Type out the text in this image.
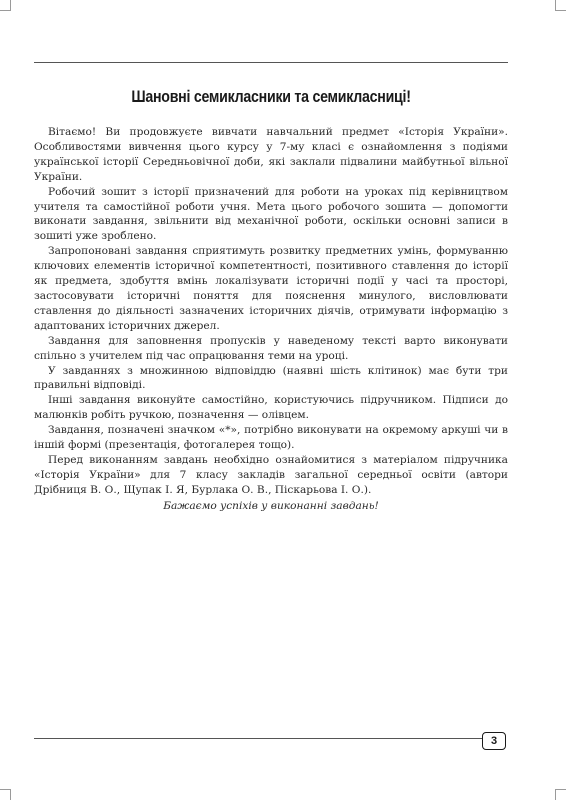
Шановні семикласники та семикласниці!

Вітаємо! Ви продовжуєте вивчати навчальний предмет «Історія України». Особливостями вивчення цього курсу у 7-му класі є ознайомлення з подіями української історії Середньовічної доби, які заклали підвалини майбутньої вільної України.

Робочий зошит з історії призначений для роботи на уроках під керівництвом учителя та самостійної роботи учня. Мета цього робочого зошита — допомогти виконати завдання, звільнити від механічної роботи, оскільки основні записи в зошиті уже зроблено.

Запропоновані завдання сприятимуть розвитку предметних умінь, формуванню ключових елементів історичної компетентності, позитивного ставлення до історії як предмета, здобуття вмінь локалізувати історичні події у часі та просторі, застосовувати історичні поняття для пояснення минулого, висловлювати ставлення до діяльності зазначених історичних діячів, отримувати інформацію з адаптованих історичних джерел.

Завдання для заповнення пропусків у наведеному тексті варто виконувати спільно з учителем під час опрацювання теми на уроці.

У завданнях з множинною відповіддю (наявні шість клітинок) має бути три правильні відповіді.

Інші завдання виконуйте самостійно, користуючись підручником. Підписи до малюнків робіть ручкою, позначення — олівцем.

Завдання, позначені значком «*», потрібно виконувати на окремому аркуші чи в іншій формі (презентація, фотогалерея тощо).

Перед виконанням завдань необхідно ознайомитися з матеріалом підручника «Історія України» для 7 класу закладів загальної середньої освіти (автори Дрібниця В. О., Щупак І. Я, Бурлака О. В., Піскарьова І. О.).

Бажаємо успіхів у виконанні завдань!
3
